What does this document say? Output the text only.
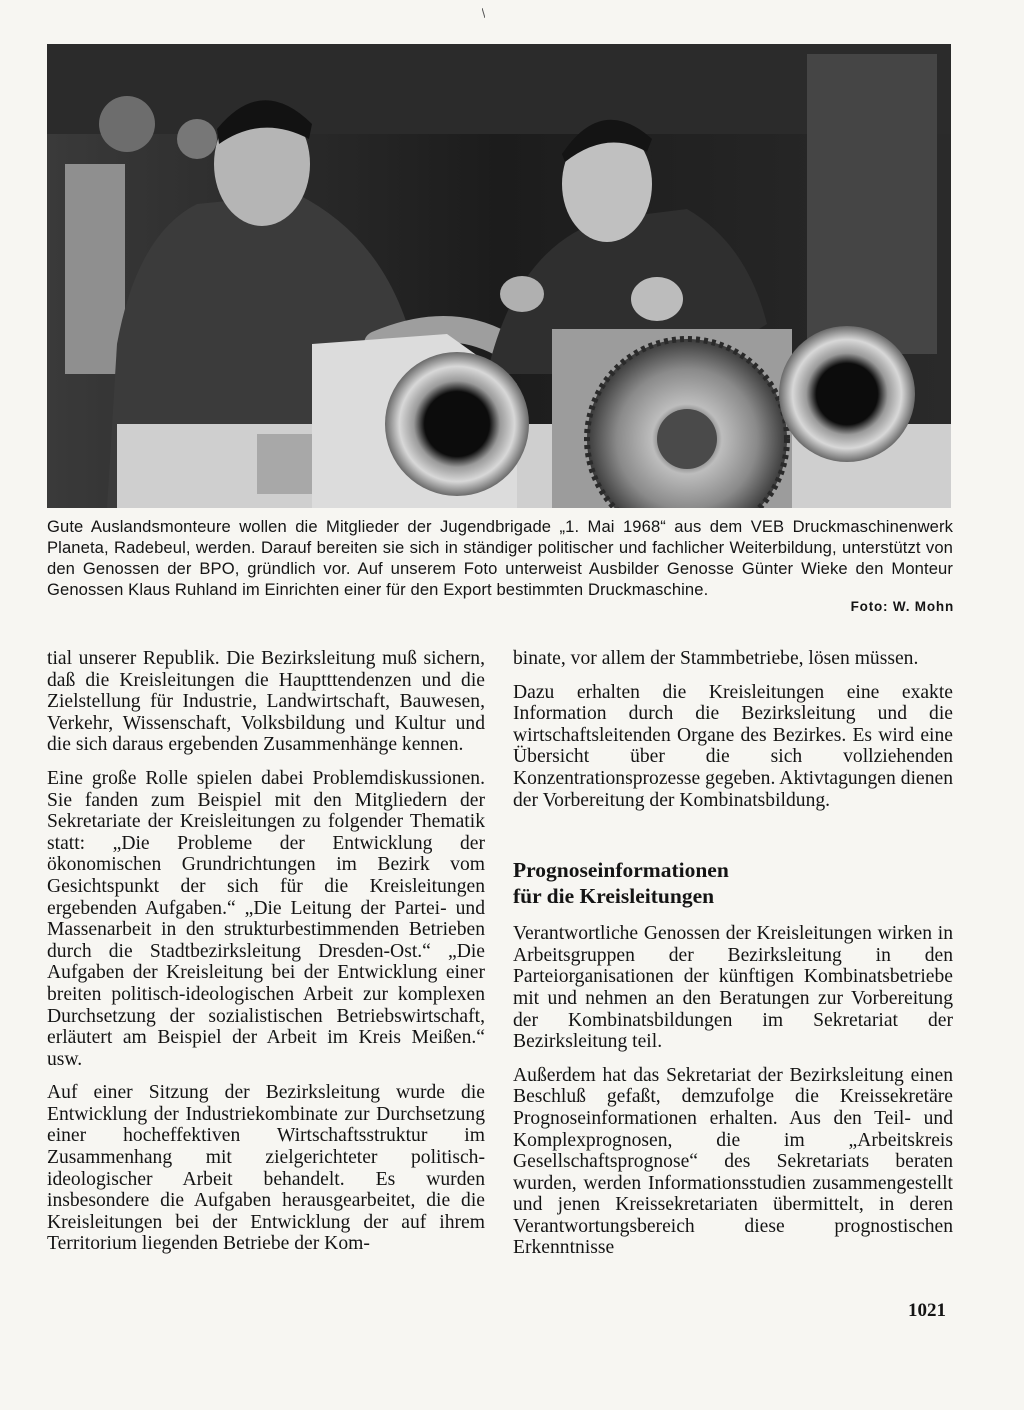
Gute Auslandsmonteure wollen die Mitglieder der Jugendbrigade „1. Mai 1968“ aus dem VEB Druckmaschinenwerk Planeta, Radebeul, werden. Darauf bereiten sie sich in ständiger politischer und fachlicher Weiterbildung, unterstützt von den Genossen der BPO, gründlich vor. Auf unserem Foto unterweist Ausbilder Genosse Günter Wieke den Monteur Genossen Klaus Ruhland im Einrichten einer für den Export bestimmten Druckmaschine.
Foto: W. Mohn

tial unserer Republik. Die Bezirksleitung muß sichern, daß die Kreisleitungen die Hauptttendenzen und die Zielstellung für Industrie, Landwirtschaft, Bauwesen, Verkehr, Wissenschaft, Volksbildung und Kultur und die sich daraus ergebenden Zusammenhänge kennen.

Eine große Rolle spielen dabei Problemdiskussionen. Sie fanden zum Beispiel mit den Mitgliedern der Sekretariate der Kreisleitungen zu folgender Thematik statt: „Die Probleme der Entwicklung der ökonomischen Grundrichtungen im Bezirk vom Gesichtspunkt der sich für die Kreisleitungen ergebenden Aufgaben.“ „Die Leitung der Partei- und Massenarbeit in den strukturbestimmenden Betrieben durch die Stadtbezirksleitung Dresden-Ost.“ „Die Aufgaben der Kreisleitung bei der Entwicklung einer breiten politisch-ideologischen Arbeit zur komplexen Durchsetzung der sozialistischen Betriebswirtschaft, erläutert am Beispiel der Arbeit im Kreis Meißen.“ usw.

Auf einer Sitzung der Bezirksleitung wurde die Entwicklung der Industriekombinate zur Durchsetzung einer hocheffektiven Wirtschaftsstruktur im Zusammenhang mit zielgerichteter politisch-ideologischer Arbeit behandelt. Es wurden insbesondere die Aufgaben herausgearbeitet, die die Kreisleitungen bei der Entwicklung der auf ihrem Territorium liegenden Betriebe der Kom-

binate, vor allem der Stammbetriebe, lösen müssen.

Dazu erhalten die Kreisleitungen eine exakte Information durch die Bezirksleitung und die wirtschaftsleitenden Organe des Bezirkes. Es wird eine Übersicht über die sich vollziehenden Konzentrationsprozesse gegeben. Aktivtagungen dienen der Vorbereitung der Kombinatsbildung.

Prognoseinformationen
für die Kreisleitungen

Verantwortliche Genossen der Kreisleitungen wirken in Arbeitsgruppen der Bezirksleitung in den Parteiorganisationen der künftigen Kombinatsbetriebe mit und nehmen an den Beratungen zur Vorbereitung der Kombinatsbildungen im Sekretariat der Bezirksleitung teil.

Außerdem hat das Sekretariat der Bezirksleitung einen Beschluß gefaßt, demzufolge die Kreissekretäre Prognoseinformationen erhalten. Aus den Teil- und Komplexprognosen, die im „Arbeitskreis Gesellschaftsprognose“ des Sekretariats beraten wurden, werden Informationsstudien zusammengestellt und jenen Kreissekretariaten übermittelt, in deren Verantwortungsbereich diese prognostischen Erkenntnisse

1021
